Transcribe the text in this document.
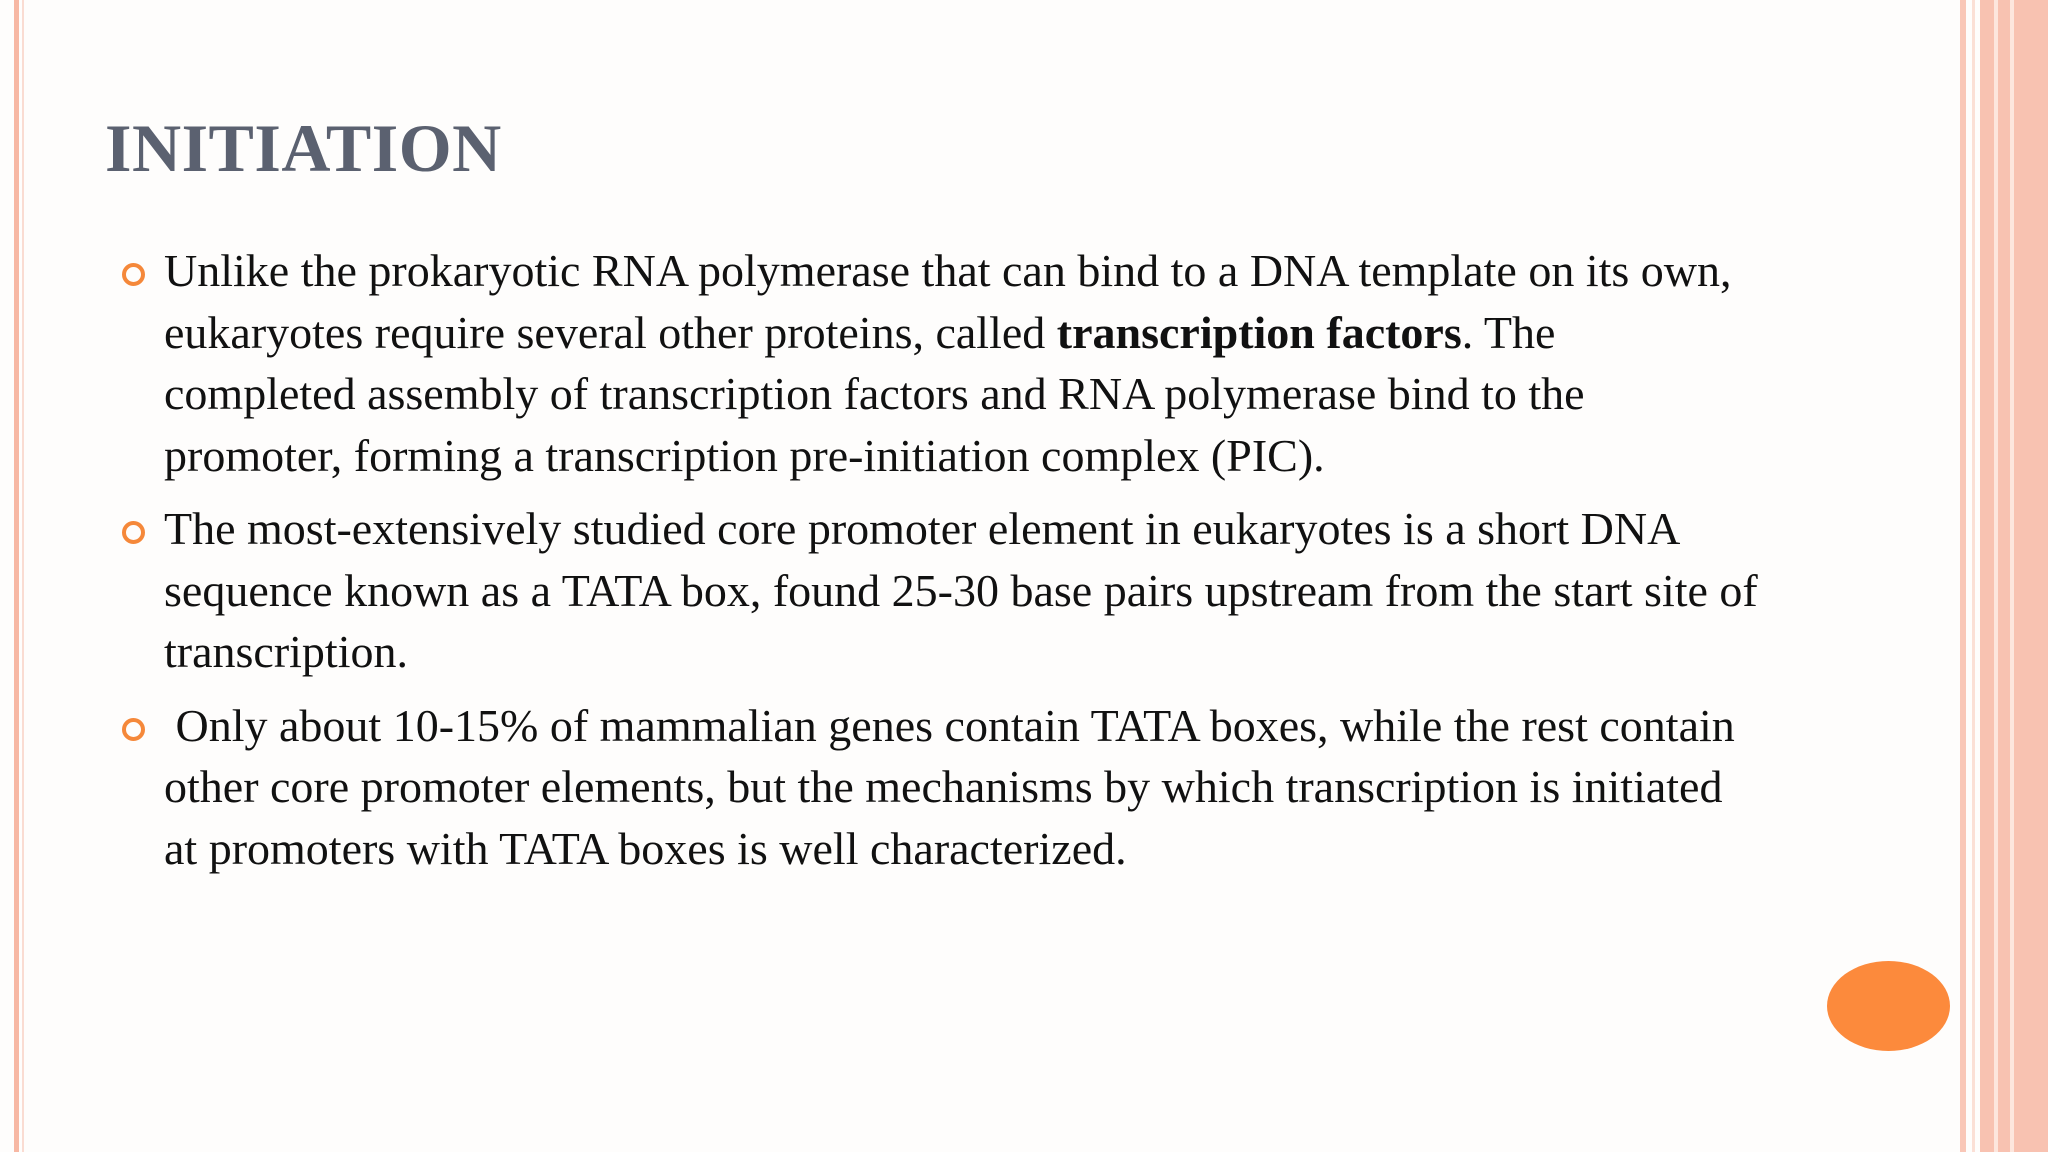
INITIATION
Unlike the prokaryotic RNA polymerase that can bind to a DNA template on its own, eukaryotes require several other proteins, called transcription factors. The completed assembly of transcription factors and RNA polymerase bind to the promoter, forming a transcription pre-initiation complex (PIC).
The most-extensively studied core promoter element in eukaryotes is a short DNA sequence known as a TATA box, found 25-30 base pairs upstream from the start site of transcription.
Only about 10-15% of mammalian genes contain TATA boxes, while the rest contain other core promoter elements, but the mechanisms by which transcription is initiated at promoters with TATA boxes is well characterized.
